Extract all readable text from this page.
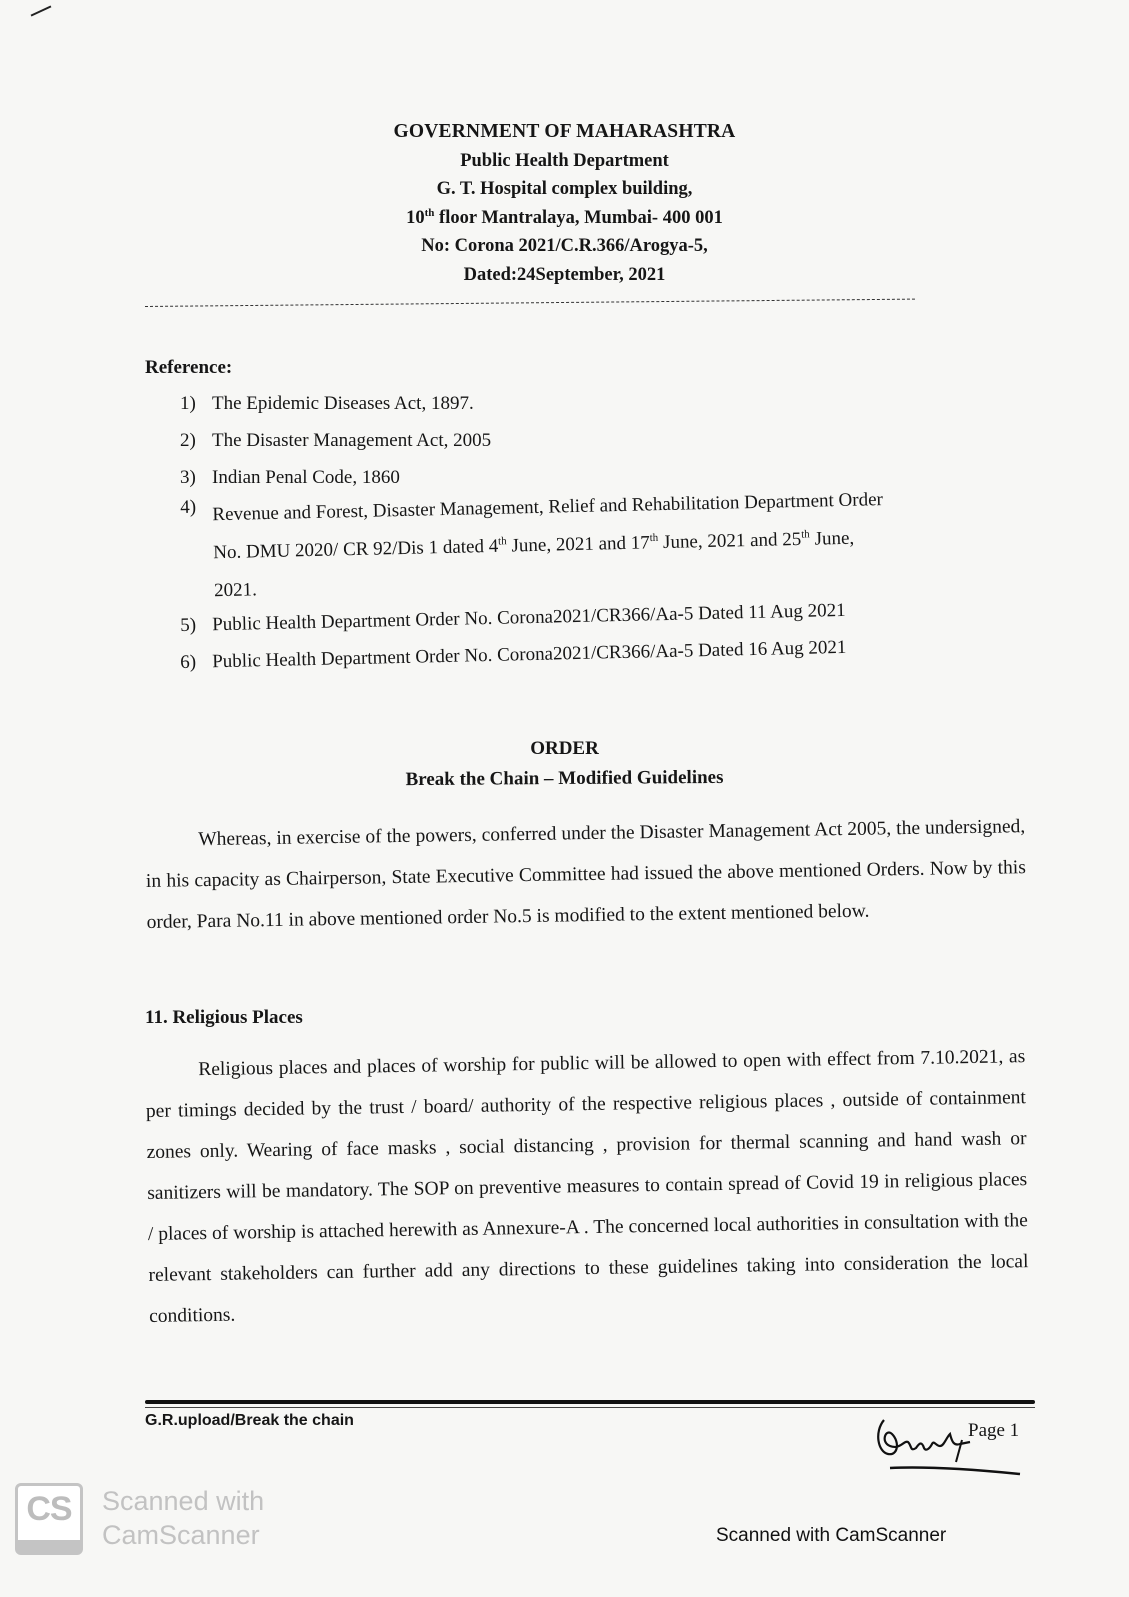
GOVERNMENT OF MAHARASHTRA
Public Health Department
G. T. Hospital complex building,
10th floor Mantralaya, Mumbai- 400 001
No: Corona 2021/C.R.366/Arogya-5,
Dated:24September, 2021
Reference:
1) The Epidemic Diseases Act, 1897.
2) The Disaster Management Act, 2005
3) Indian Penal Code, 1860
4) Revenue and Forest, Disaster Management, Relief and Rehabilitation Department Order
No. DMU 2020/ CR 92/Dis 1 dated 4th June, 2021 and 17th June, 2021 and 25th June,
2021.
5) Public Health Department Order No. Corona2021/CR366/Aa-5 Dated 11 Aug 2021
6) Public Health Department Order No. Corona2021/CR366/Aa-5 Dated 16 Aug 2021
ORDER
Break the Chain – Modified Guidelines

Whereas, in exercise of the powers, conferred under the Disaster Management Act 2005, the undersigned, in his capacity as Chairperson, State Executive Committee had issued the above mentioned Orders. Now by this order, Para No.11 in above mentioned order No.5 is modified to the extent mentioned below.

11. Religious Places

Religious places and places of worship for public will be allowed to open with effect from 7.10.2021, as per timings decided by the trust / board/ authority of the respective religious places , outside of containment zones only. Wearing of face masks , social distancing , provision for thermal scanning and hand wash or sanitizers will be mandatory. The SOP on preventive measures to contain spread of Covid 19 in religious places / places of worship is attached herewith as Annexure-A . The concerned local authorities in consultation with the relevant stakeholders can further add any directions to these guidelines taking into consideration the local conditions.

G.R.upload/Break the chain	Page 1
CS	Scanned with
CamScanner	Scanned with CamScanner
